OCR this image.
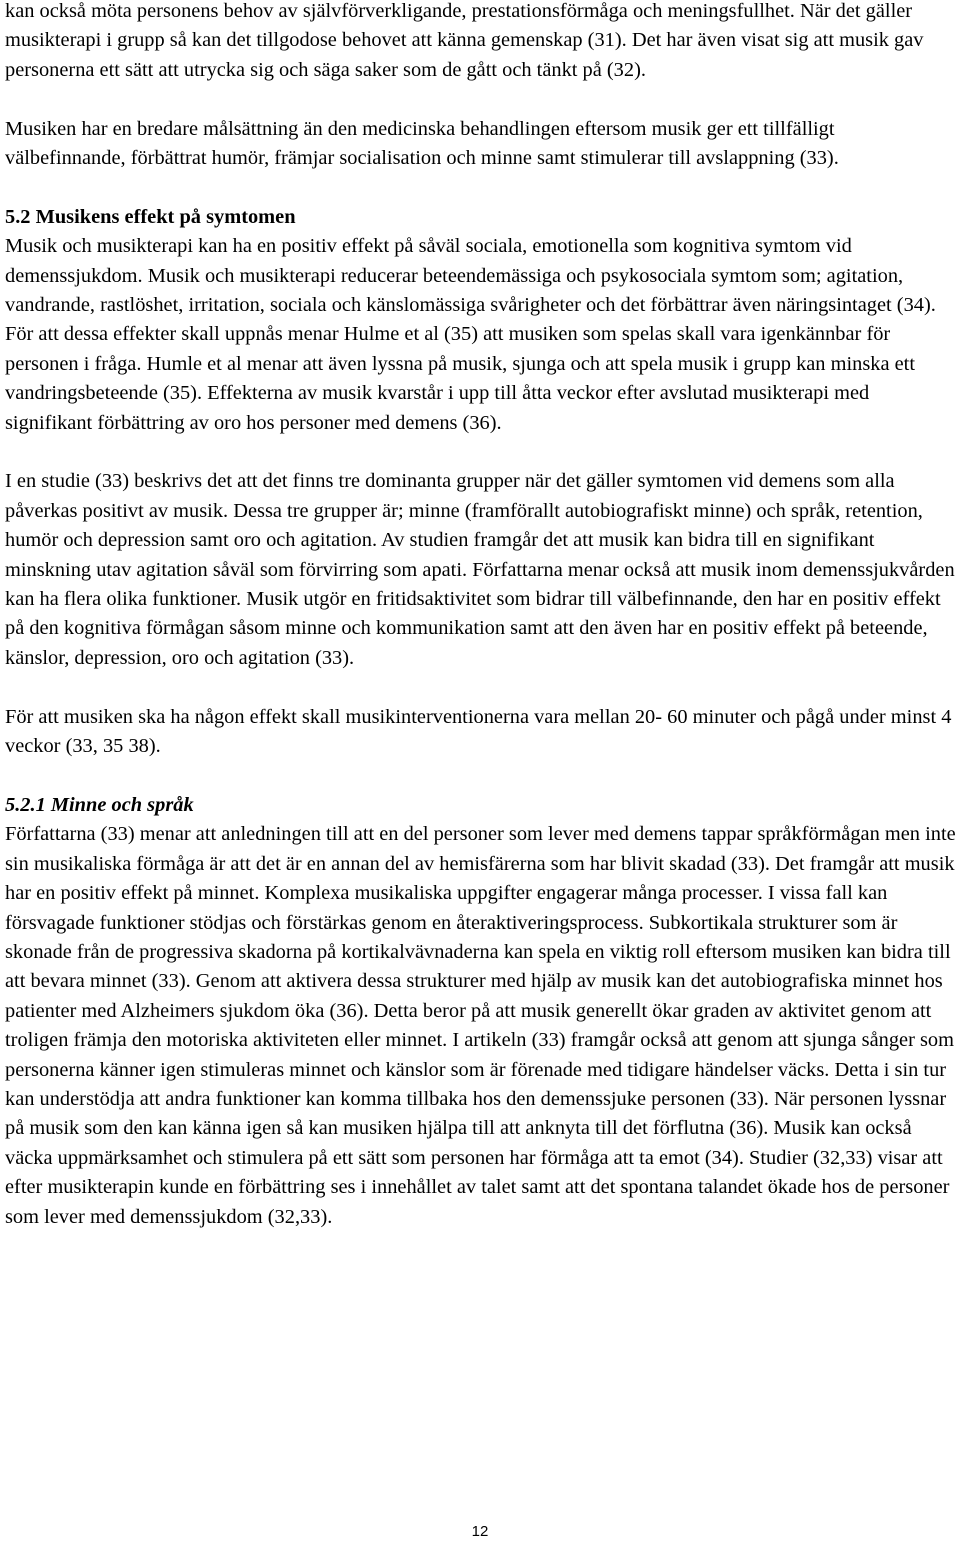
kan också möta personens behov av självförverkligande, prestationsförmåga och meningsfullhet. När det gäller musikterapi i grupp så kan det tillgodose behovet att känna gemenskap (31). Det har även visat sig att musik gav personerna ett sätt att utrycka sig och säga saker som de gått och tänkt på (32).

Musiken har en bredare målsättning än den medicinska behandlingen eftersom musik ger ett tillfälligt välbefinnande, förbättrat humör, främjar socialisation och minne samt stimulerar till avslappning (33).

5.2 Musikens effekt på symtomen

Musik och musikterapi kan ha en positiv effekt på såväl sociala, emotionella som kognitiva symtom vid demenssjukdom. Musik och musikterapi reducerar beteendemässiga och psykosociala symtom som; agitation, vandrande, rastlöshet, irritation, sociala och känslomässiga svårigheter och det förbättrar även näringsintaget (34). För att dessa effekter skall uppnås menar Hulme et al (35) att musiken som spelas skall vara igenkännbar för personen i fråga. Humle et al menar att även lyssna på musik, sjunga och att spela musik i grupp kan minska ett vandringsbeteende (35). Effekterna av musik kvarstår i upp till åtta veckor efter avslutad musikterapi med signifikant förbättring av oro hos personer med demens (36).

I en studie (33) beskrivs det att det finns tre dominanta grupper när det gäller symtomen vid demens som alla påverkas positivt av musik. Dessa tre grupper är; minne (framförallt autobiografiskt minne) och språk, retention, humör och depression samt oro och agitation. Av studien framgår det att musik kan bidra till en signifikant minskning utav agitation såväl som förvirring som apati. Författarna menar också att musik inom demenssjukvården kan ha flera olika funktioner. Musik utgör en fritidsaktivitet som bidrar till välbefinnande, den har en positiv effekt på den kognitiva förmågan såsom minne och kommunikation samt att den även har en positiv effekt på beteende, känslor, depression, oro och agitation (33).

För att musiken ska ha någon effekt skall musikinterventionerna vara mellan 20- 60 minuter och pågå under minst 4 veckor (33, 35 38).

5.2.1 Minne och språk

Författarna (33) menar att anledningen till att en del personer som lever med demens tappar språkförmågan men inte sin musikaliska förmåga är att det är en annan del av hemisfärerna som har blivit skadad (33). Det framgår att musik har en positiv effekt på minnet. Komplexa musikaliska uppgifter engagerar många processer. I vissa fall kan försvagade funktioner stödjas och förstärkas genom en återaktiveringsprocess. Subkortikala strukturer som är skonade från de progressiva skadorna på kortikalvävnaderna kan spela en viktig roll eftersom musiken kan bidra till att bevara minnet (33). Genom att aktivera dessa strukturer med hjälp av musik kan det autobiografiska minnet hos patienter med Alzheimers sjukdom öka (36). Detta beror på att musik generellt ökar graden av aktivitet genom att troligen främja den motoriska aktiviteten eller minnet. I artikeln (33) framgår också att genom att sjunga sånger som personerna känner igen stimuleras minnet och känslor som är förenade med tidigare händelser väcks. Detta i sin tur kan understödja att andra funktioner kan komma tillbaka hos den demenssjuke personen (33). När personen lyssnar på musik som den kan känna igen så kan musiken hjälpa till att anknyta till det förflutna (36). Musik kan också väcka uppmärksamhet och stimulera på ett sätt som personen har förmåga att ta emot (34). Studier (32,33) visar att efter musikterapin kunde en förbättring ses i innehållet av talet samt att det spontana talandet ökade hos de personer som lever med demenssjukdom (32,33).

12
